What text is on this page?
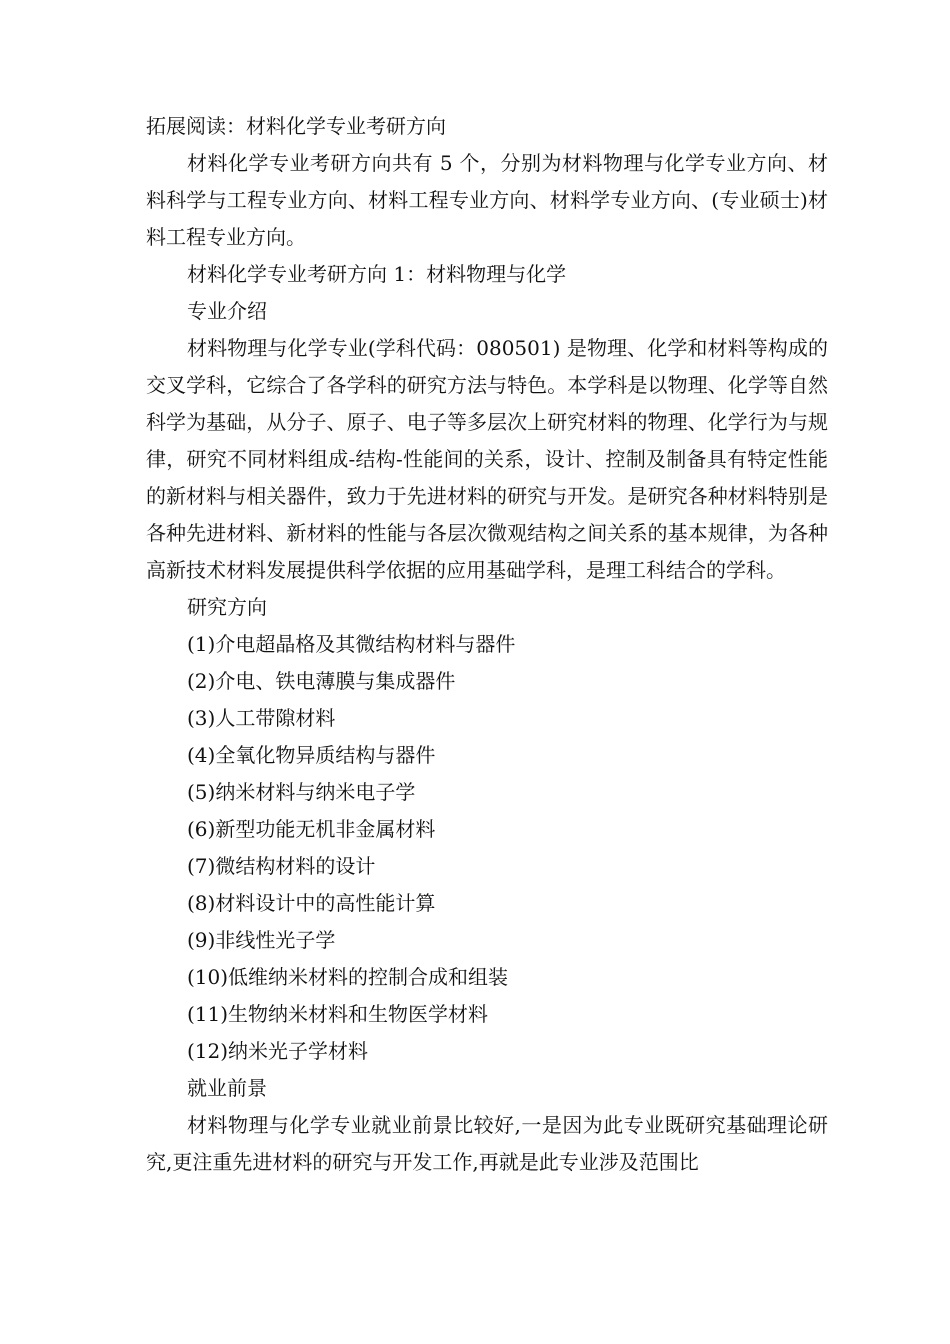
拓展阅读：材料化学专业考研方向

材料化学专业考研方向共有 5 个，分别为材料物理与化学专业方向、材料科学与工程专业方向、材料工程专业方向、材料学专业方向、(专业硕士)材料工程专业方向。

材料化学专业考研方向 1：材料物理与化学

专业介绍

材料物理与化学专业(学科代码：080501) 是物理、化学和材料等构成的交叉学科，它综合了各学科的研究方法与特色。本学科是以物理、化学等自然科学为基础，从分子、原子、电子等多层次上研究材料的物理、化学行为与规律，研究不同材料组成-结构-性能间的关系，设计、控制及制备具有特定性能的新材料与相关器件，致力于先进材料的研究与开发。是研究各种材料特别是各种先进材料、新材料的性能与各层次微观结构之间关系的基本规律，为各种高新技术材料发展提供科学依据的应用基础学科，是理工科结合的学科。

研究方向

(1)介电超晶格及其微结构材料与器件

(2)介电、铁电薄膜与集成器件

(3)人工带隙材料

(4)全氧化物异质结构与器件

(5)纳米材料与纳米电子学

(6)新型功能无机非金属材料

(7)微结构材料的设计

(8)材料设计中的高性能计算

(9)非线性光子学

(10)低维纳米材料的控制合成和组装

(11)生物纳米材料和生物医学材料

(12)纳米光子学材料

就业前景

材料物理与化学专业就业前景比较好,一是因为此专业既研究基础理论研究,更注重先进材料的研究与开发工作,再就是此专业涉及范围比
